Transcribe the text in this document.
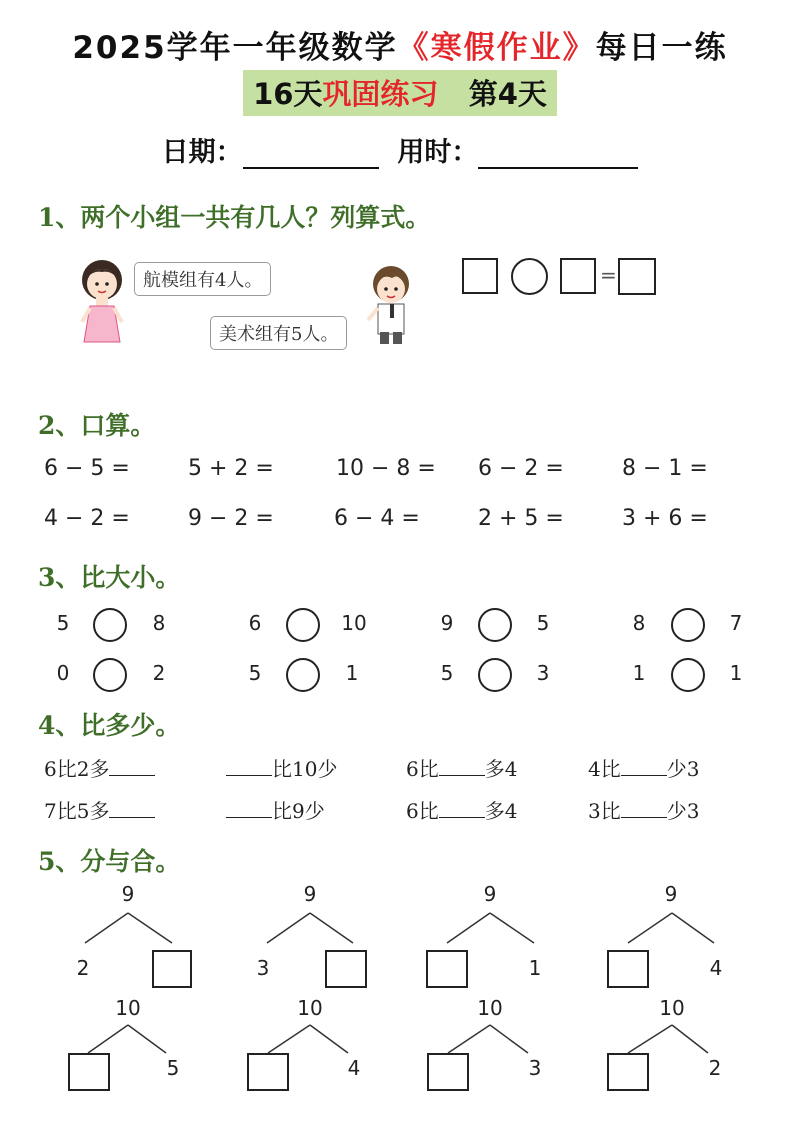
2025学年一年级数学《寒假作业》每日一练
16天巩固练习 第4天
日期：	用时：
1、两个小组一共有几人？列算式。
航模组有4人。
美术组有5人。
=
2、口算。
6 − 5 =	5 + 2 =	10 − 8 = 6 − 2 =	8 − 1 =
4 − 2 =	9 − 2 =	6 − 4 =	2 + 5 =	3 + 6 =
3、比大小。
5	8	6	10	9	5	8	7
0	2	5	1	5	3	1	1
4、比多少。
6比2多	比10少	6比 多4	4比 少3
7比5多	比9少	6比 多4	3比 少3
5、分与合。
9
2
9
3
9
1
9
4
10
5
10
4
10
3
10
2
